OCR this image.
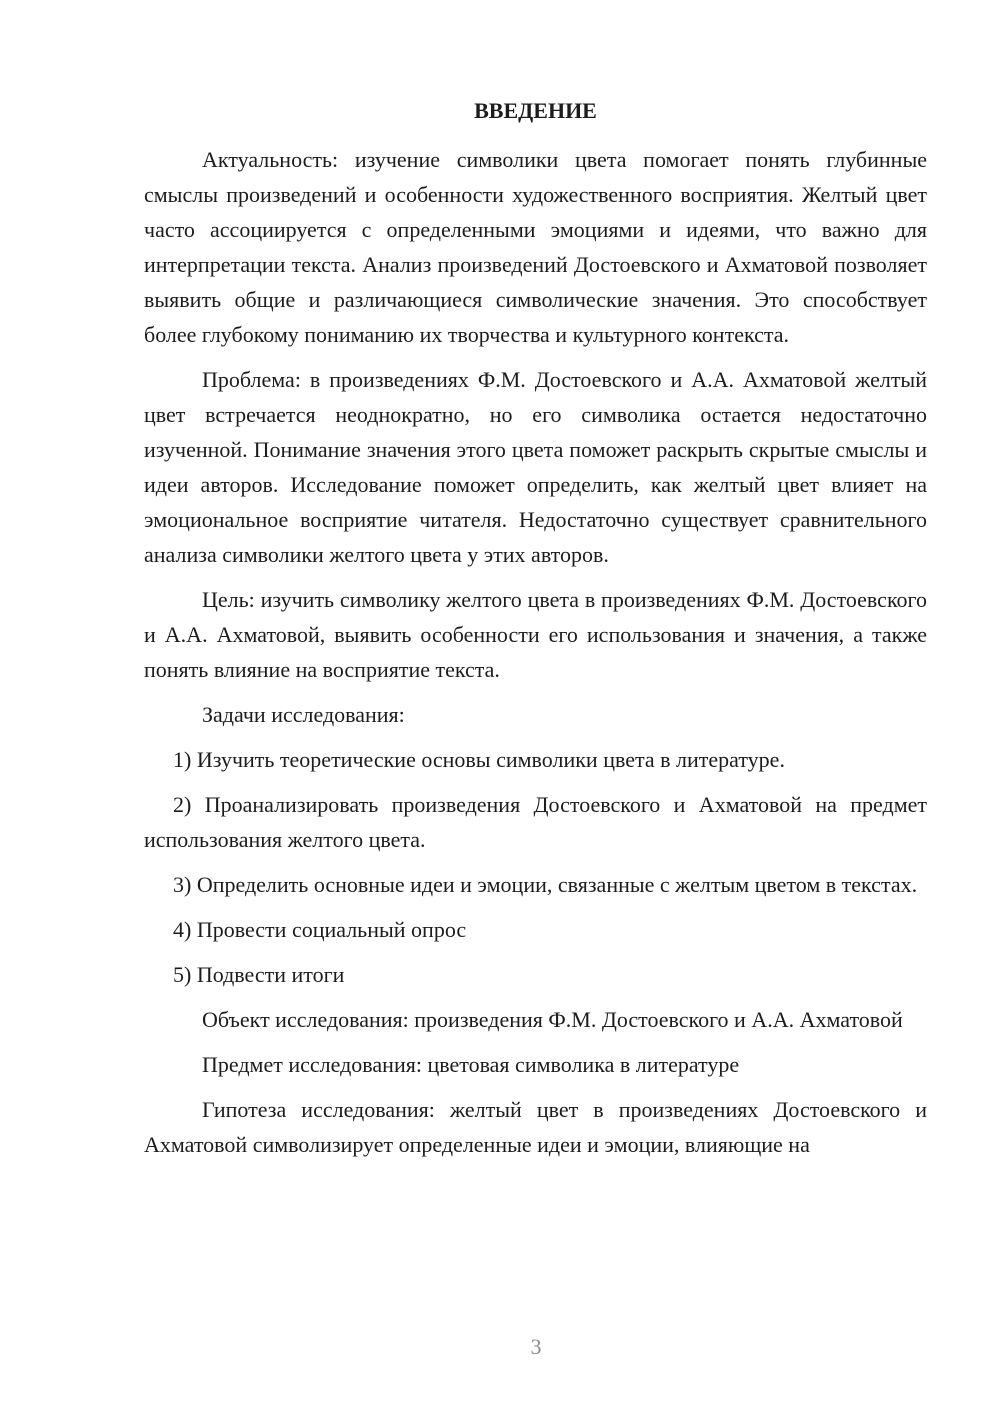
ВВЕДЕНИЕ

Актуальность: изучение символики цвета помогает понять глубинные смыслы произведений и особенности художественного восприятия. Желтый цвет часто ассоциируется с определенными эмоциями и идеями, что важно для интерпретации текста. Анализ произведений Достоевского и Ахматовой позволяет выявить общие и различающиеся символические значения. Это способствует более глубокому пониманию их творчества и культурного контекста.

Проблема: в произведениях Ф.М. Достоевского и А.А. Ахматовой желтый цвет встречается неоднократно, но его символика остается недостаточно изученной. Понимание значения этого цвета поможет раскрыть скрытые смыслы и идеи авторов. Исследование поможет определить, как желтый цвет влияет на эмоциональное восприятие читателя. Недостаточно существует сравнительного анализа символики желтого цвета у этих авторов.

Цель: изучить символику желтого цвета в произведениях Ф.М. Достоевского и А.А. Ахматовой, выявить особенности его использования и значения, а также понять влияние на восприятие текста.

Задачи исследования:

1) Изучить теоретические основы символики цвета в литературе.

2) Проанализировать произведения Достоевского и Ахматовой на предмет использования желтого цвета.

3) Определить основные идеи и эмоции, связанные с желтым цветом в текстах.

4) Провести социальный опрос

5) Подвести итоги

Объект исследования: произведения Ф.М. Достоевского и А.А. Ахматовой

Предмет исследования: цветовая символика в литературе

Гипотеза исследования: желтый цвет в произведениях Достоевского и Ахматовой символизирует определенные идеи и эмоции, влияющие на

3
